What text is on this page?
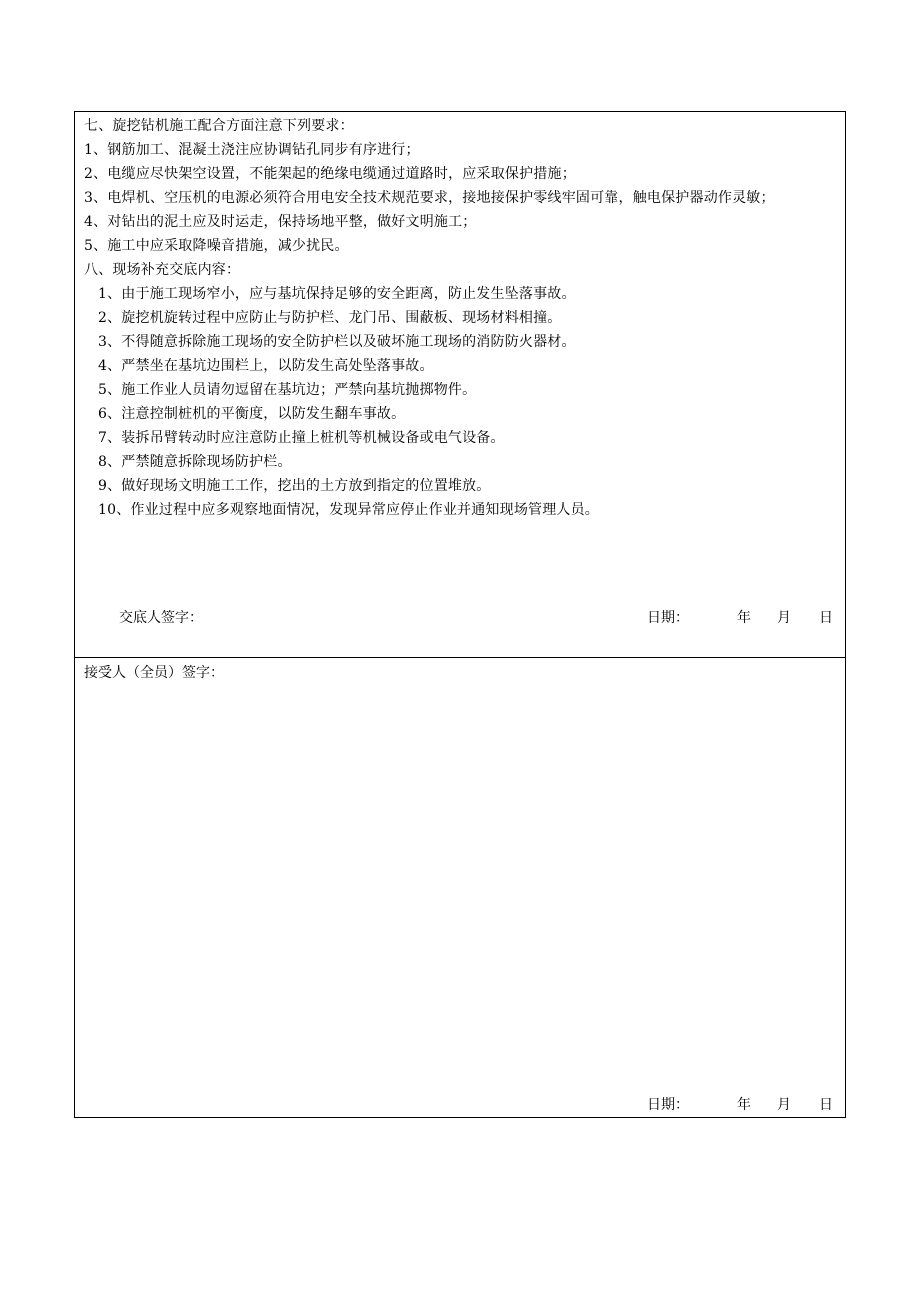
七、旋挖钻机施工配合方面注意下列要求：
1、钢筋加工、混凝土浇注应协调钻孔同步有序进行；
2、电缆应尽快架空设置，不能架起的绝缘电缆通过道路时，应采取保护措施；
3、电焊机、空压机的电源必须符合用电安全技术规范要求，接地接保护零线牢固可靠，触电保护器动作灵敏；
4、对钻出的泥土应及时运走，保持场地平整，做好文明施工；
5、施工中应采取降噪音措施，减少扰民。
八、现场补充交底内容：
1、由于施工现场窄小，应与基坑保持足够的安全距离，防止发生坠落事故。
2、旋挖机旋转过程中应防止与防护栏、龙门吊、围蔽板、现场材料相撞。
3、不得随意拆除施工现场的安全防护栏以及破坏施工现场的消防防火器材。
4、严禁坐在基坑边围栏上，以防发生高处坠落事故。
5、施工作业人员请勿逗留在基坑边；严禁向基坑抛掷物件。
6、注意控制桩机的平衡度，以防发生翻车事故。
7、装拆吊臂转动时应注意防止撞上桩机等机械设备或电气设备。
8、严禁随意拆除现场防护栏。
9、做好现场文明施工工作，挖出的土方放到指定的位置堆放。
10、作业过程中应多观察地面情况，发现异常应停止作业并通知现场管理人员。
交底人签字：	日期：	年 月 日
接受人（全员）签字：
日期：	年 月 日
